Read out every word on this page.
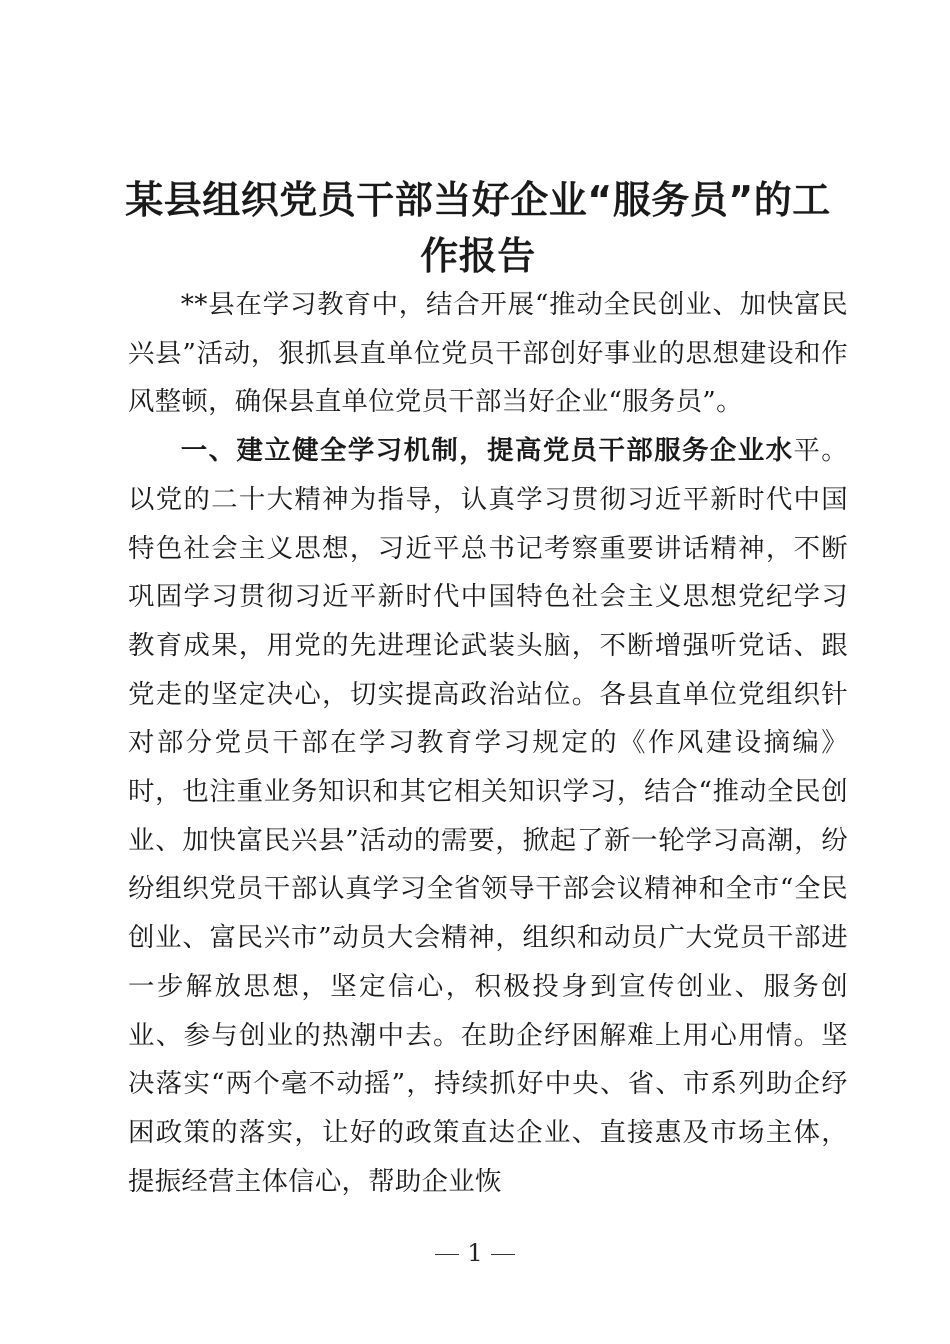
某县组织党员干部当好企业“服务员”的工作报告

**县在学习教育中，结合开展“推动全民创业、加快富民兴县”活动，狠抓县直单位党员干部创好事业的思想建设和作风整顿，确保县直单位党员干部当好企业“服务员”。

一、建立健全学习机制，提高党员干部服务企业水平。以党的二十大精神为指导，认真学习贯彻习近平新时代中国特色社会主义思想，习近平总书记考察重要讲话精神，不断巩固学习贯彻习近平新时代中国特色社会主义思想党纪学习教育成果，用党的先进理论武装头脑，不断增强听党话、跟党走的坚定决心，切实提高政治站位。各县直单位党组织针对部分党员干部在学习教育学习规定的《作风建设摘编》时，也注重业务知识和其它相关知识学习，结合“推动全民创业、加快富民兴县”活动的需要，掀起了新一轮学习高潮，纷纷组织党员干部认真学习全省领导干部会议精神和全市“全民创业、富民兴市”动员大会精神，组织和动员广大党员干部进一步解放思想，坚定信心，积极投身到宣传创业、服务创业、参与创业的热潮中去。在助企纾困解难上用心用情。坚决落实“两个毫不动摇”，持续抓好中央、省、市系列助企纾困政策的落实，让好的政策直达企业、直接惠及市场主体，提振经营主体信心，帮助企业恢

1
